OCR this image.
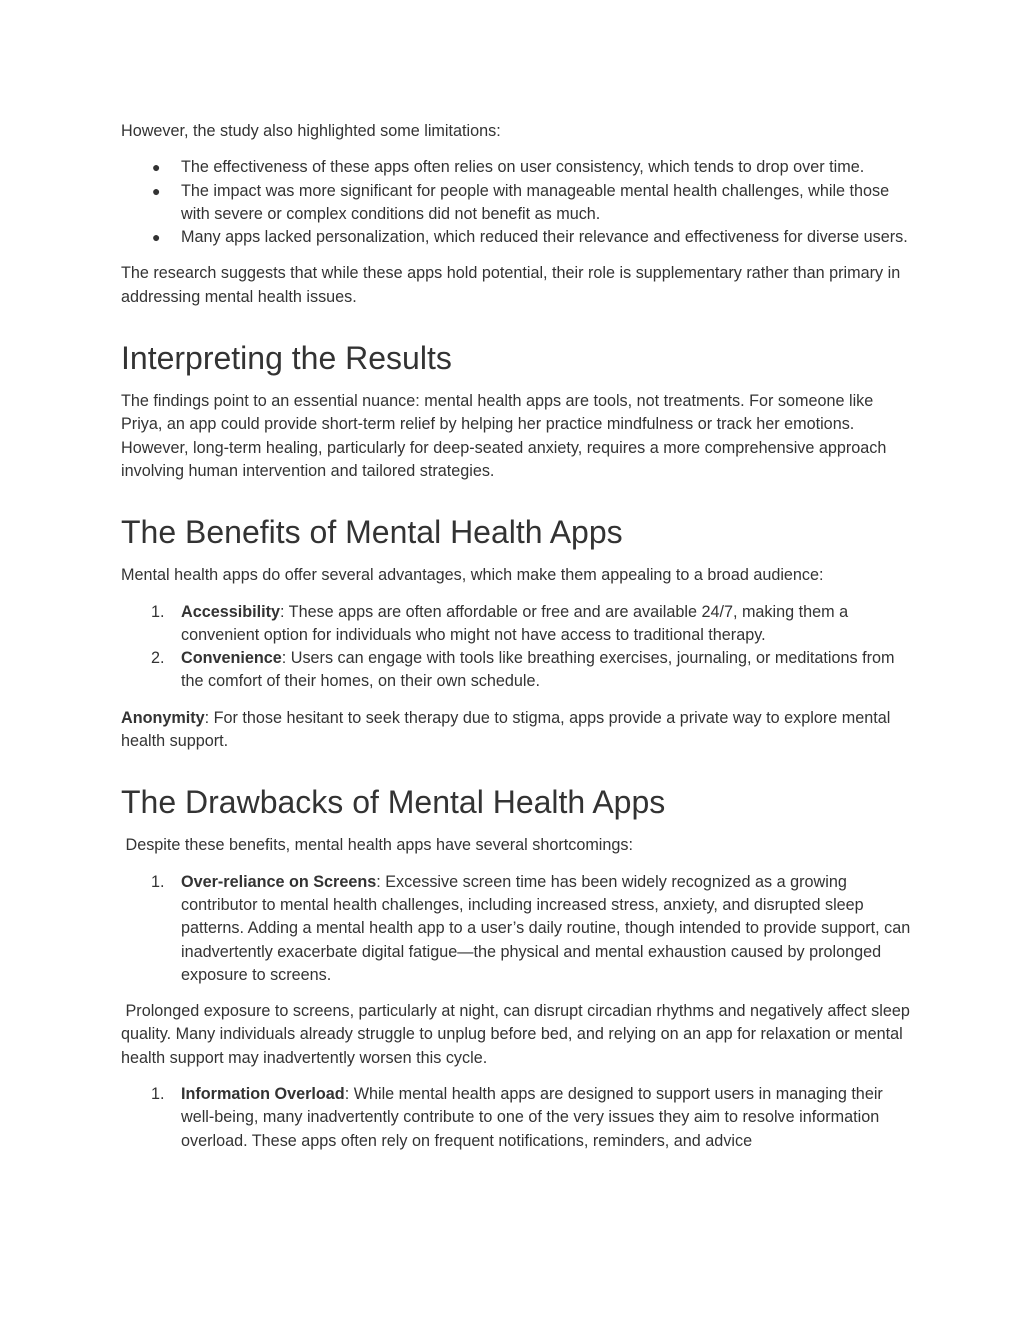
However, the study also highlighted some limitations:

● The effectiveness of these apps often relies on user consistency, which tends to drop over time.
● The impact was more significant for people with manageable mental health challenges, while those with severe or complex conditions did not benefit as much.
● Many apps lacked personalization, which reduced their relevance and effectiveness for diverse users.

The research suggests that while these apps hold potential, their role is supplementary rather than primary in addressing mental health issues.

Interpreting the Results

The findings point to an essential nuance: mental health apps are tools, not treatments. For someone like Priya, an app could provide short-term relief by helping her practice mindfulness or track her emotions. However, long-term healing, particularly for deep-seated anxiety, requires a more comprehensive approach involving human intervention and tailored strategies.

The Benefits of Mental Health Apps

Mental health apps do offer several advantages, which make them appealing to a broad audience:

1. Accessibility: These apps are often affordable or free and are available 24/7, making them a convenient option for individuals who might not have access to traditional therapy.
2. Convenience: Users can engage with tools like breathing exercises, journaling, or meditations from the comfort of their homes, on their own schedule.

Anonymity: For those hesitant to seek therapy due to stigma, apps provide a private way to explore mental health support.

The Drawbacks of Mental Health Apps

Despite these benefits, mental health apps have several shortcomings:

1. Over-reliance on Screens: Excessive screen time has been widely recognized as a growing contributor to mental health challenges, including increased stress, anxiety, and disrupted sleep patterns. Adding a mental health app to a user’s daily routine, though intended to provide support, can inadvertently exacerbate digital fatigue—the physical and mental exhaustion caused by prolonged exposure to screens.

Prolonged exposure to screens, particularly at night, can disrupt circadian rhythms and negatively affect sleep quality. Many individuals already struggle to unplug before bed, and relying on an app for relaxation or mental health support may inadvertently worsen this cycle.

1. Information Overload: While mental health apps are designed to support users in managing their well-being, many inadvertently contribute to one of the very issues they aim to resolve information overload. These apps often rely on frequent notifications, reminders, and advice
